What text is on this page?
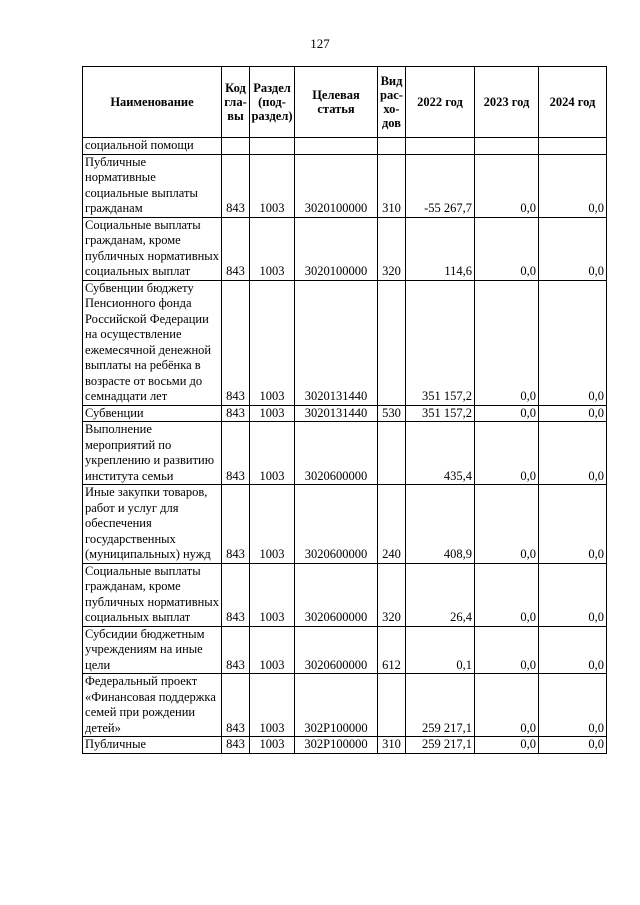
127
Наименование	Код гла- вы	Раздел (под- раздел)	Целевая статья	Вид рас- хо- дов	2022 год	2023 год	2024 год
социальной помощи							
Публичные нормативные социальные выплаты гражданам	843	1003	3020100000	310	-55 267,7	0,0	0,0
Социальные выплаты гражданам, кроме публичных нормативных социальных выплат	843	1003	3020100000	320	114,6	0,0	0,0
Субвенции бюджету Пенсионного фонда Российской Федерации на осуществление ежемесячной денежной выплаты на ребёнка в возрасте от восьми до семнадцати лет	843	1003	3020131440		351 157,2	0,0	0,0
Субвенции	843	1003	3020131440	530	351 157,2	0,0	0,0
Выполнение мероприятий по укреплению и развитию института семьи	843	1003	3020600000		435,4	0,0	0,0
Иные закупки товаров, работ и услуг для обеспечения государственных (муниципальных) нужд	843	1003	3020600000	240	408,9	0,0	0,0
Социальные выплаты гражданам, кроме публичных нормативных социальных выплат	843	1003	3020600000	320	26,4	0,0	0,0
Субсидии бюджетным учреждениям на иные цели	843	1003	3020600000	612	0,1	0,0	0,0
Федеральный проект «Финансовая поддержка семей при рождении детей»	843	1003	302P100000		259 217,1	0,0	0,0
Публичные	843	1003	302P100000	310	259 217,1	0,0	0,0
